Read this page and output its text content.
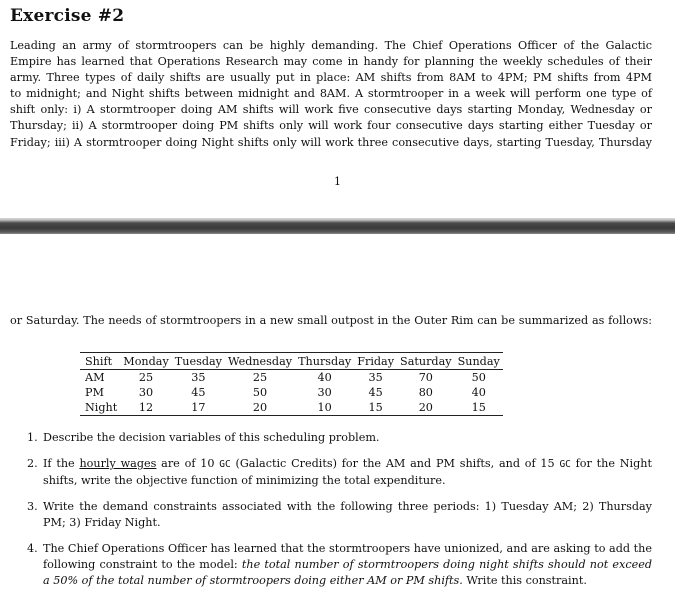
Exercise #2
Leading an army of stormtroopers can be highly demanding. The Chief Operations Officer of the Galactic
Empire has learned that Operations Research may come in handy for planning the weekly schedules of their
army. Three types of daily shifts are usually put in place: AM shifts from 8AM to 4PM; PM shifts from 4PM
to midnight; and Night shifts between midnight and 8AM. A stormtrooper in a week will perform one type of
shift only: i) A stormtrooper doing AM shifts will work five consecutive days starting Monday, Wednesday or
Thursday; ii) A stormtrooper doing PM shifts only will work four consecutive days starting either Tuesday or
Friday; iii) A stormtrooper doing Night shifts only will work three consecutive days, starting Tuesday, Thursday
1
or Saturday. The needs of stormtroopers in a new small outpost in the Outer Rim can be summarized as follows:
Shift	Monday	Tuesday	Wednesday	Thursday	Friday	Saturday	Sunday
AM	25	35	25	40	35	70	50
PM	30	45	50	30	45	80	40
Night	12	17	20	10	15	20	15
1. Describe the decision variables of this scheduling problem.
2. If the hourly wages are of 10 GC (Galactic Credits) for the AM and PM shifts, and of 15 GC for the Night shifts, write the objective function of minimizing the total expenditure.
3. Write the demand constraints associated with the following three periods: 1) Tuesday AM; 2) Thursday PM; 3) Friday Night.
4. The Chief Operations Officer has learned that the stormtroopers have unionized, and are asking to add the following constraint to the model: the total number of stormtroopers doing night shifts should not exceed a 50% of the total number of stormtroopers doing either AM or PM shifts. Write this constraint.
